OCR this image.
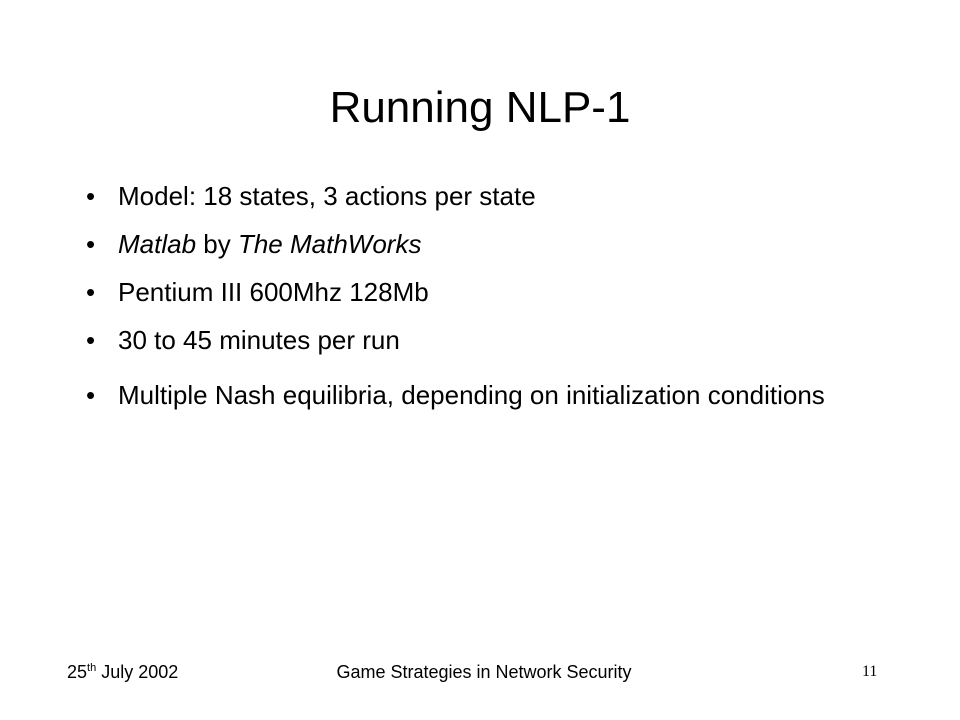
Running NLP-1
• Model: 18 states, 3 actions per state
• Matlab by The MathWorks
• Pentium III 600Mhz 128Mb
• 30 to 45 minutes per run
• Multiple Nash equilibria, depending on initialization conditions
25th July 2002	Game Strategies in Network Security	11
